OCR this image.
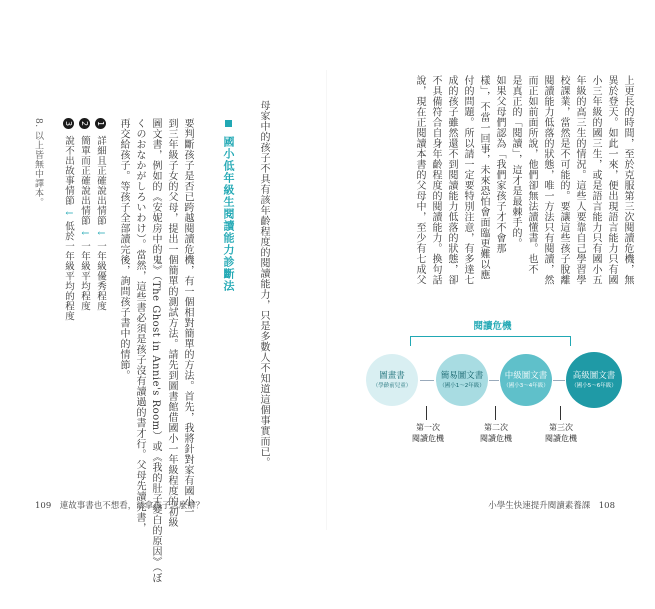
上更長的時間，至於克服第三次閱讀危機，無
異於登天。如此一來，便出現語言能力只有國
小三年級的國三生，或是語言能力只有國小五
年級的高三生的情況。這些人要靠自己學習學
校課業，當然是不可能的。要讓這些孩子脫離
閱讀能力低落的狀態，唯一方法只有閱讀，然
而正如前面所說，他們卻無法讀懂書。也不
是真正的「閱讀」，這才是最棘手的。
如果父母們認為「我們家孩子才不會那
樣」，不當一回事，未來恐怕會面臨更難以應
付的問題。所以請一定要特別注意，有多達七
成的孩子雖然還不到閱讀能力低落的狀態，卻
不具備符合自身年齡程度的閱讀能力。換句話
說，現在正閱讀本書的父母中，至少有七成父
閱讀危機
圖畫書
（學齡前兒童）
簡易圖文書
（國小1～2年級）
中級圖文書
（國小3～4年級）
高級圖文書
（國小5～6年級）
第一次
閱讀危機
第二次
閱讀危機
第三次
閱讀危機
小學生快速提升閱讀素養課　108
母家中的孩子不具有該年齡程度的閱讀能力，只是多數人不知道這個事實而已。
國小低年級生閱讀能力診斷法
要判斷孩子是否已跨越閱讀危機，有一個相對簡單的方法。首先，我將針對家有國小一
到三年級子女的父母，提出一個簡單的測試方法。請先到圖書館借國小一年級程度的初級
圖文書，例如的《安妮房中的鬼》（The Ghost in Annie's Room）或《我的肚子變白的原因》（ぼ
くのおなかがしろいわけ）。當然，這些書必須是孩子沒有讀過的書才行。父母先讀完書，
再交給孩子。等孩子全部讀完後，詢問孩子書中的情節。
1 詳細且正確說出情節 ↓ 一年級優秀程度
2 簡單而正確說出情節 ↓ 一年級平均程度
3 說不出故事情節 ↓ 低於一年級平均的程度
8. 以上皆無中譯本。
109　連故事書也不想看，該拿孩子怎麼辦？
